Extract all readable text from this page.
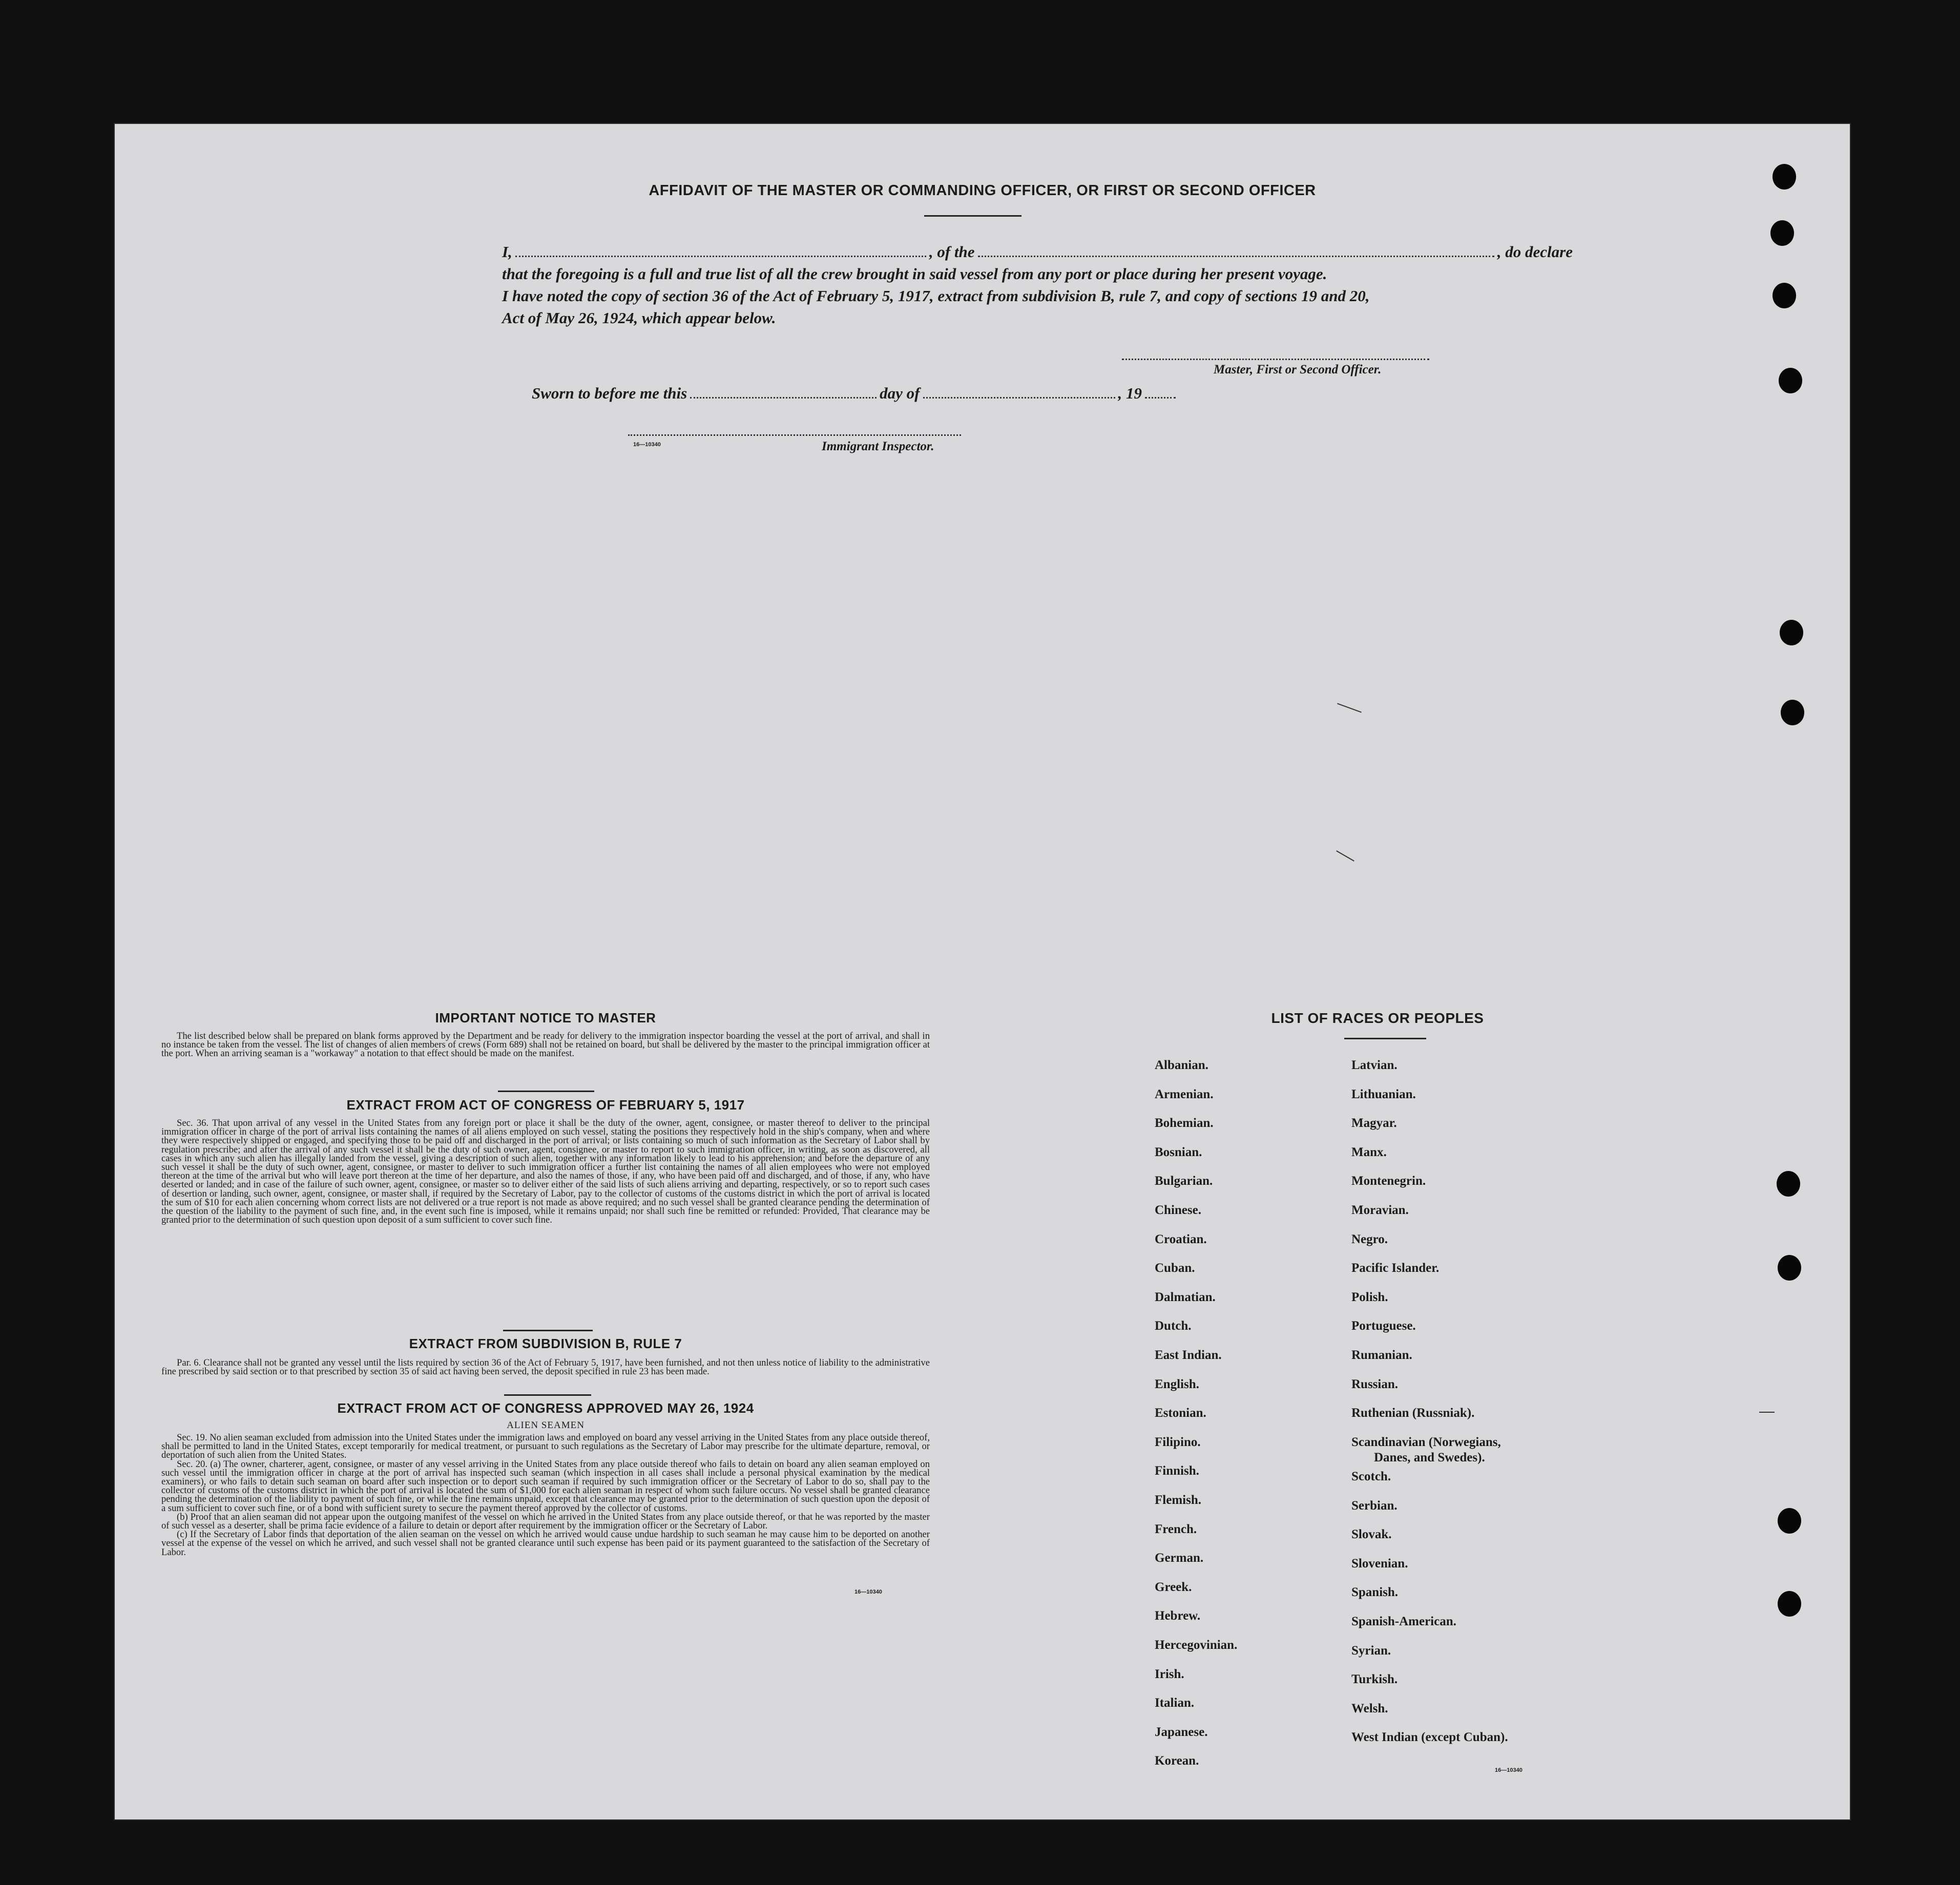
AFFIDAVIT OF THE MASTER OR COMMANDING OFFICER, OR FIRST OR SECOND OFFICER
I,	, of the	, do declare
that the foregoing is a full and true list of all the crew brought in said vessel from any port or place during her present voyage.
I have noted the copy of section 36 of the Act of February 5, 1917, extract from subdivision B, rule 7, and copy of sections 19 and 20,
Act of May 26, 1924, which appear below.
Master, First or Second Officer.
Sworn to before me this	day of	, 19
16—10340	Immigrant Inspector.
IMPORTANT NOTICE TO MASTER

The list described below shall be prepared on blank forms approved by the Department and be ready for delivery to the immigration inspector boarding the vessel at the port of arrival, and shall in no instance be taken from the vessel. The list of changes of alien members of crews (Form 689) shall not be retained on board, but shall be delivered by the master to the principal immigration officer at the port. When an arriving seaman is a "workaway" a notation to that effect should be made on the manifest.

EXTRACT FROM ACT OF CONGRESS OF FEBRUARY 5, 1917

Sec. 36. That upon arrival of any vessel in the United States from any foreign port or place it shall be the duty of the owner, agent, consignee, or master thereof to deliver to the principal immigration officer in charge of the port of arrival lists containing the names of all aliens employed on such vessel, stating the positions they respectively hold in the ship's company, when and where they were respectively shipped or engaged, and specifying those to be paid off and discharged in the port of arrival; or lists containing so much of such information as the Secretary of Labor shall by regulation prescribe; and after the arrival of any such vessel it shall be the duty of such owner, agent, consignee, or master to report to such immigration officer, in writing, as soon as discovered, all cases in which any such alien has illegally landed from the vessel, giving a description of such alien, together with any information likely to lead to his apprehension; and before the departure of any such vessel it shall be the duty of such owner, agent, consignee, or master to deliver to such immigration officer a further list containing the names of all alien employees who were not employed thereon at the time of the arrival but who will leave port thereon at the time of her departure, and also the names of those, if any, who have been paid off and discharged, and of those, if any, who have deserted or landed; and in case of the failure of such owner, agent, consignee, or master so to deliver either of the said lists of such aliens arriving and departing, respectively, or so to report such cases of desertion or landing, such owner, agent, consignee, or master shall, if required by the Secretary of Labor, pay to the collector of customs of the customs district in which the port of arrival is located the sum of $10 for each alien concerning whom correct lists are not delivered or a true report is not made as above required; and no such vessel shall be granted clearance pending the determination of the question of the liability to the payment of such fine, and, in the event such fine is imposed, while it remains unpaid; nor shall such fine be remitted or refunded: Provided, That clearance may be granted prior to the determination of such question upon deposit of a sum sufficient to cover such fine.

EXTRACT FROM SUBDIVISION B, RULE 7

Par. 6. Clearance shall not be granted any vessel until the lists required by section 36 of the Act of February 5, 1917, have been furnished, and not then unless notice of liability to the administrative fine prescribed by said section or to that prescribed by section 35 of said act having been served, the deposit specified in rule 23 has been made.

EXTRACT FROM ACT OF CONGRESS APPROVED MAY 26, 1924
ALIEN SEAMEN

Sec. 19. No alien seaman excluded from admission into the United States under the immigration laws and employed on board any vessel arriving in the United States from any place outside thereof, shall be permitted to land in the United States, except temporarily for medical treatment, or pursuant to such regulations as the Secretary of Labor may prescribe for the ultimate departure, removal, or deportation of such alien from the United States.

Sec. 20. (a) The owner, charterer, agent, consignee, or master of any vessel arriving in the United States from any place outside thereof who fails to detain on board any alien seaman employed on such vessel until the immigration officer in charge at the port of arrival has inspected such seaman (which inspection in all cases shall include a personal physical examination by the medical examiners), or who fails to detain such seaman on board after such inspection or to deport such seaman if required by such immigration officer or the Secretary of Labor to do so, shall pay to the collector of customs of the customs district in which the port of arrival is located the sum of $1,000 for each alien seaman in respect of whom such failure occurs. No vessel shall be granted clearance pending the determination of the liability to payment of such fine, or while the fine remains unpaid, except that clearance may be granted prior to the determination of such question upon the deposit of a sum sufficient to cover such fine, or of a bond with sufficient surety to secure the payment thereof approved by the collector of customs.

(b) Proof that an alien seaman did not appear upon the outgoing manifest of the vessel on which he arrived in the United States from any place outside thereof, or that he was reported by the master of such vessel as a deserter, shall be prima facie evidence of a failure to detain or deport after requirement by the immigration officer or the Secretary of Labor.

(c) If the Secretary of Labor finds that deportation of the alien seaman on the vessel on which he arrived would cause undue hardship to such seaman he may cause him to be deported on another vessel at the expense of the vessel on which he arrived, and such vessel shall not be granted clearance until such expense has been paid or its payment guaranteed to the satisfaction of the Secretary of Labor.

16—10340
LIST OF RACES OR PEOPLES
Albanian.
Armenian.
Bohemian.
Bosnian.
Bulgarian.
Chinese.
Croatian.
Cuban.
Dalmatian.
Dutch.
East Indian.
English.
Estonian.
Filipino.
Finnish.
Flemish.
French.
German.
Greek.
Hebrew.
Hercegovinian.
Irish.
Italian.
Japanese.
Korean.
Latvian.
Lithuanian.
Magyar.
Manx.
Montenegrin.
Moravian.
Negro.
Pacific Islander.
Polish.
Portuguese.
Rumanian.
Russian.
Ruthenian (Russniak).
Scandinavian (Norwegians,
Danes, and Swedes).
Scotch.
Serbian.
Slovak.
Slovenian.
Spanish.
Spanish-American.
Syrian.
Turkish.
Welsh.
West Indian (except Cuban).
16—10340
